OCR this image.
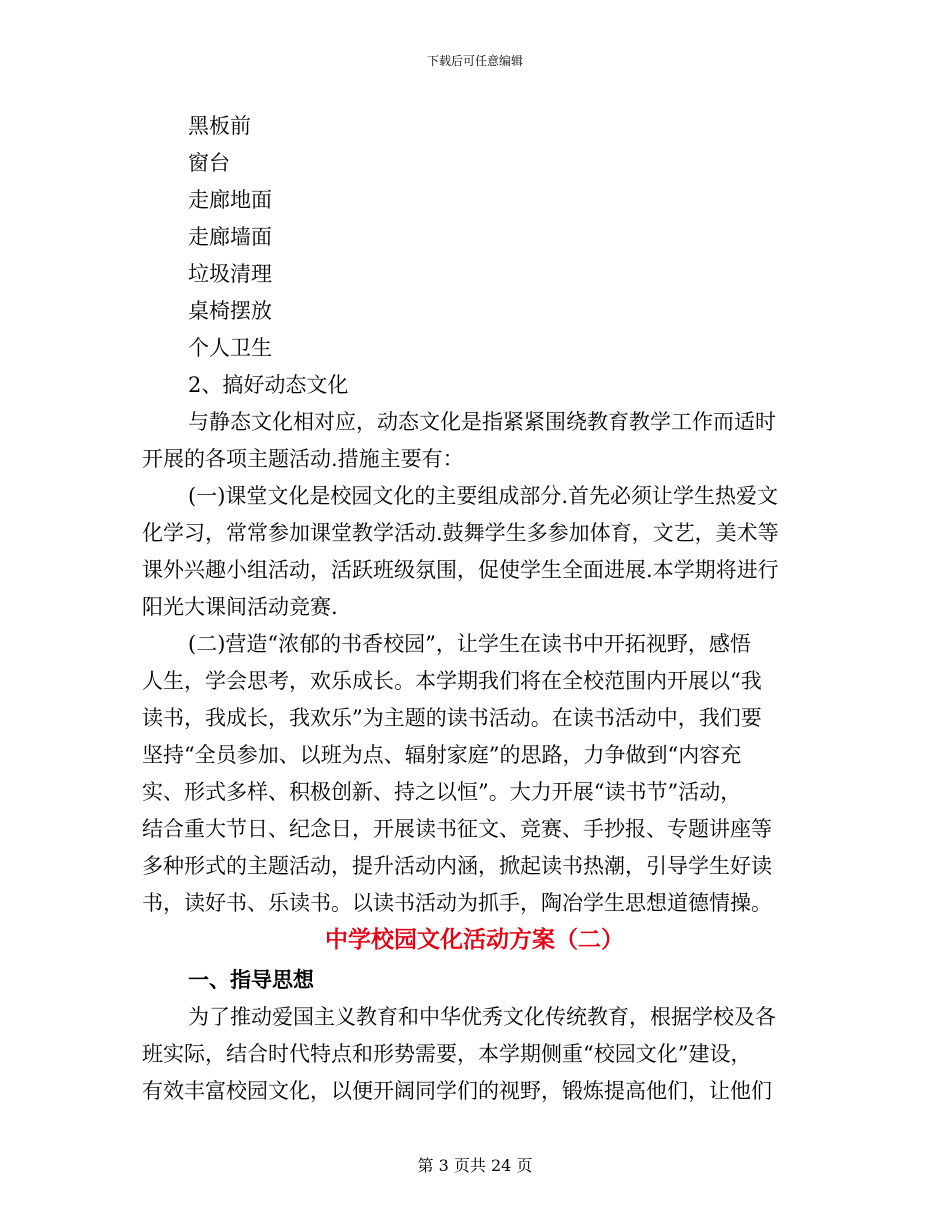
下载后可任意编辑
黑板前
窗台
走廊地面
走廊墙面
垃圾清理
桌椅摆放
个人卫生
2、搞好动态文化
与静态文化相对应，动态文化是指紧紧围绕教育教学工作而适时
开展的各项主题活动.措施主要有：
(一)课堂文化是校园文化的主要组成部分.首先必须让学生热爱文
化学习，常常参加课堂教学活动.鼓舞学生多参加体育，文艺，美术等
课外兴趣小组活动，活跃班级氛围，促使学生全面进展.本学期将进行
阳光大课间活动竞赛.
(二)营造“浓郁的书香校园”，让学生在读书中开拓视野，感悟
人生，学会思考，欢乐成长。本学期我们将在全校范围内开展以“我
读书，我成长，我欢乐”为主题的读书活动。在读书活动中，我们要
坚持“全员参加、以班为点、辐射家庭”的思路，力争做到“内容充
实、形式多样、积极创新、持之以恒”。大力开展“读书节”活动，
结合重大节日、纪念日，开展读书征文、竞赛、手抄报、专题讲座等
多种形式的主题活动，提升活动内涵，掀起读书热潮，引导学生好读
书，读好书、乐读书。以读书活动为抓手，陶冶学生思想道德情操。
中学校园文化活动方案（二）
一、指导思想
为了推动爱国主义教育和中华优秀文化传统教育，根据学校及各
班实际，结合时代特点和形势需要，本学期侧重“校园文化”建设，
有效丰富校园文化，以便开阔同学们的视野，锻炼提高他们，让他们
第 3 页共 24 页
